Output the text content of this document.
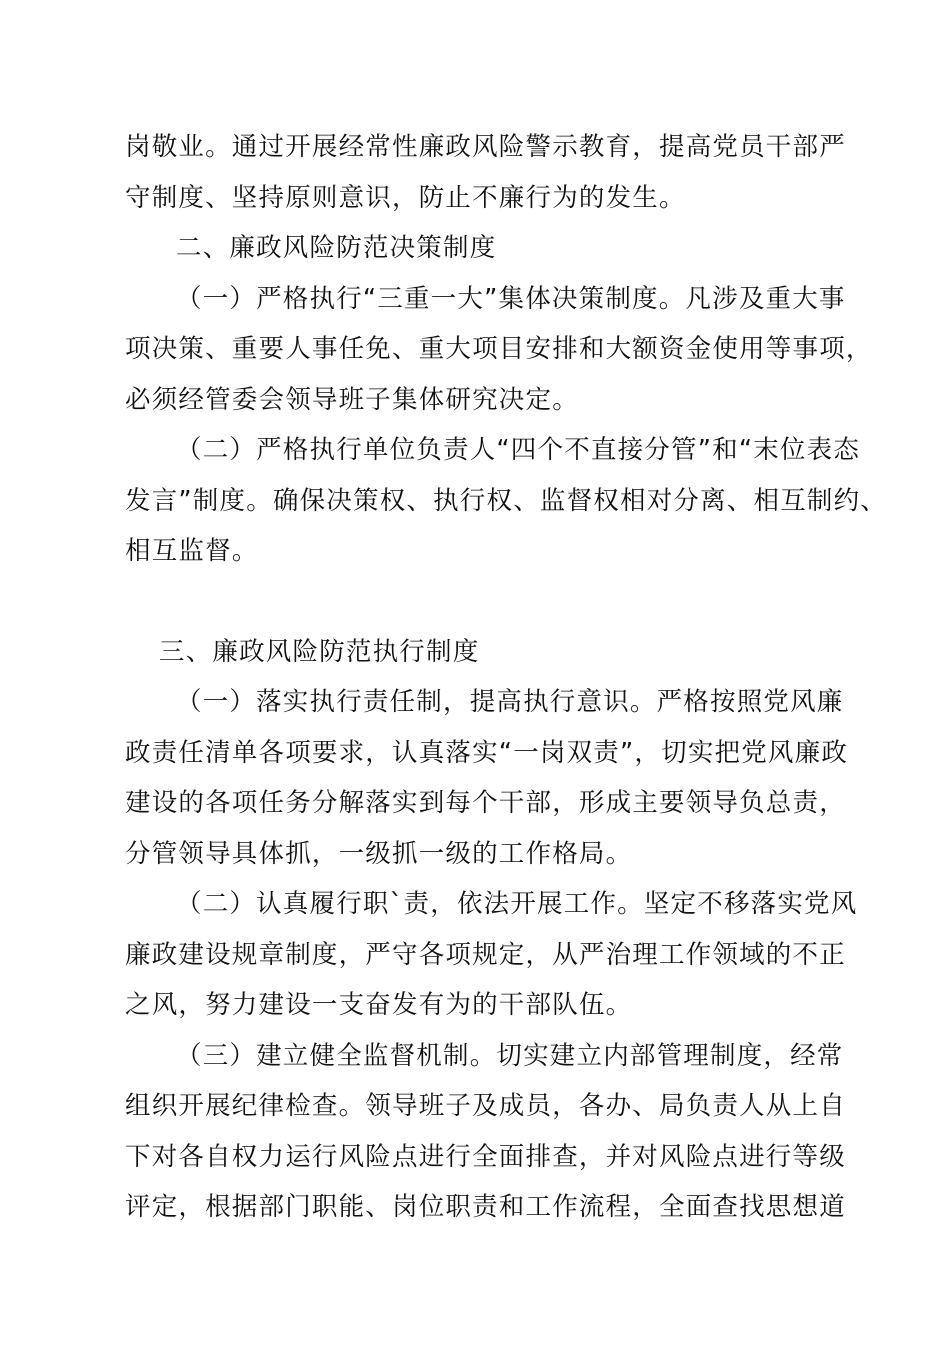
岗敬业。通过开展经常性廉政风险警示教育，提高党员干部严
守制度、坚持原则意识，防止不廉行为的发生。
二、廉政风险防范决策制度
（一）严格执行“三重一大”集体决策制度。凡涉及重大事
项决策、重要人事任免、重大项目安排和大额资金使用等事项，
必须经管委会领导班子集体研究决定。
（二）严格执行单位负责人“四个不直接分管”和“末位表态
发言”制度。确保决策权、执行权、监督权相对分离、相互制约、
相互监督。
三、廉政风险防范执行制度
（一）落实执行责任制，提高执行意识。严格按照党风廉
政责任清单各项要求，认真落实“一岗双责”，切实把党风廉政
建设的各项任务分解落实到每个干部，形成主要领导负总责，
分管领导具体抓，一级抓一级的工作格局。
（二）认真履行职`责，依法开展工作。坚定不移落实党风
廉政建设规章制度，严守各项规定，从严治理工作领域的不正
之风，努力建设一支奋发有为的干部队伍。
（三）建立健全监督机制。切实建立内部管理制度，经常
组织开展纪律检查。领导班子及成员，各办、局负责人从上自
下对各自权力运行风险点进行全面排查，并对风险点进行等级
评定，根据部门职能、岗位职责和工作流程，全面查找思想道
